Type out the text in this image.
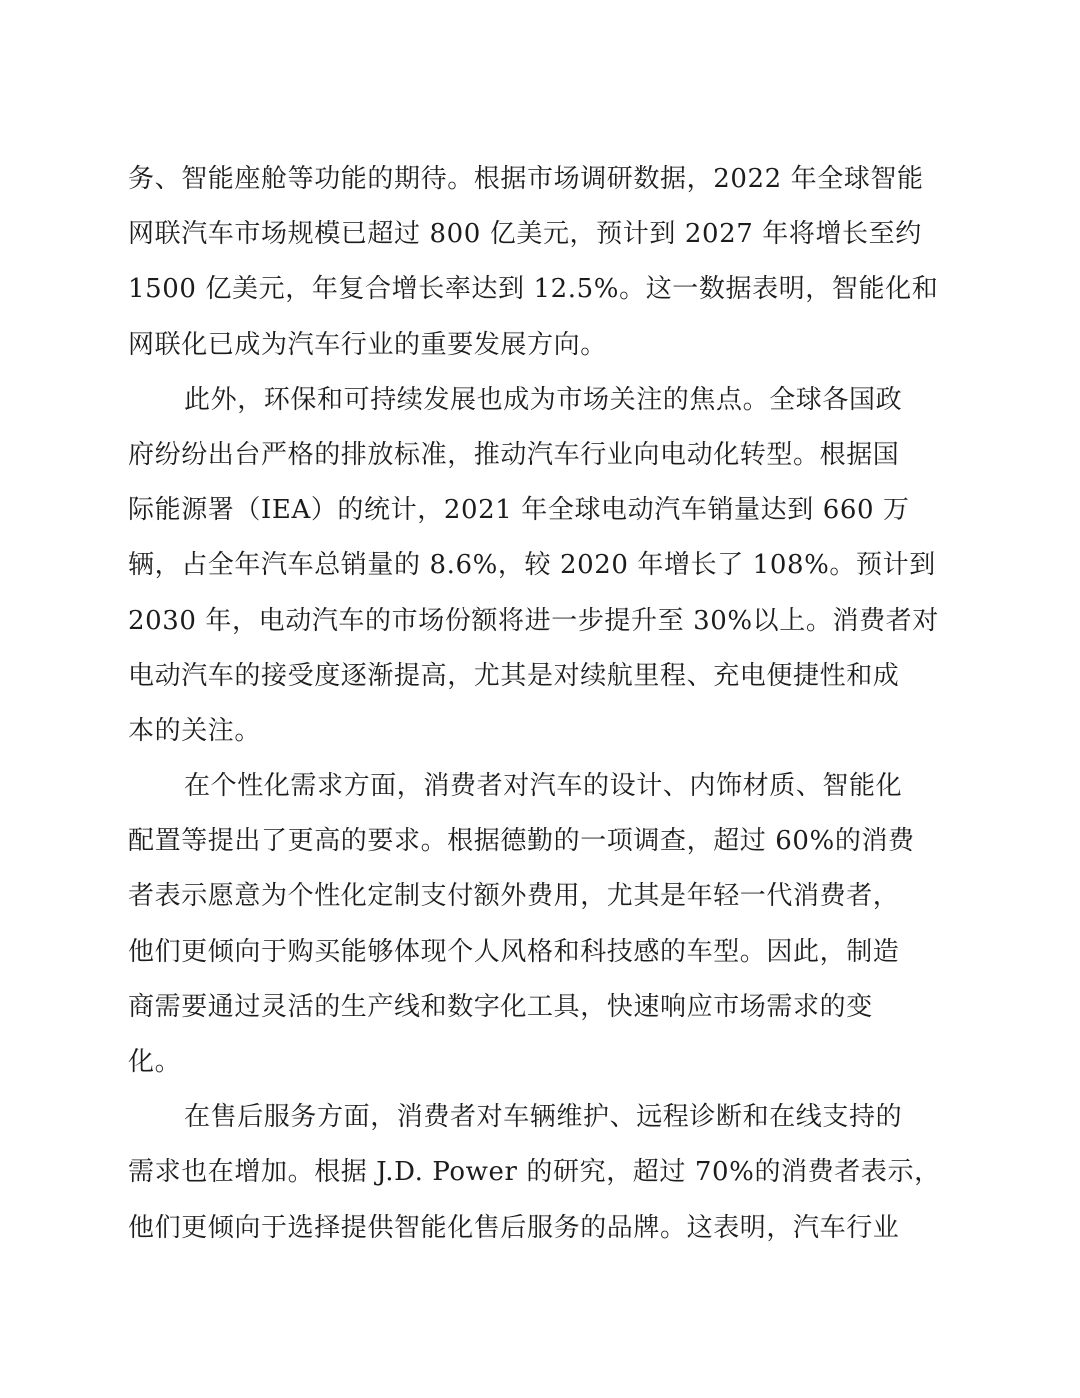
务、智能座舱等功能的期待。根据市场调研数据，2022 年全球智能
网联汽车市场规模已超过 800 亿美元，预计到 2027 年将增长至约
1500 亿美元，年复合增长率达到 12.5%。这一数据表明，智能化和
网联化已成为汽车行业的重要发展方向。
此外，环保和可持续发展也成为市场关注的焦点。全球各国政
府纷纷出台严格的排放标准，推动汽车行业向电动化转型。根据国
际能源署（IEA）的统计，2021 年全球电动汽车销量达到 660 万
辆，占全年汽车总销量的 8.6%，较 2020 年增长了 108%。预计到
2030 年，电动汽车的市场份额将进一步提升至 30%以上。消费者对
电动汽车的接受度逐渐提高，尤其是对续航里程、充电便捷性和成
本的关注。
在个性化需求方面，消费者对汽车的设计、内饰材质、智能化
配置等提出了更高的要求。根据德勤的一项调查，超过 60%的消费
者表示愿意为个性化定制支付额外费用，尤其是年轻一代消费者，
他们更倾向于购买能够体现个人风格和科技感的车型。因此，制造
商需要通过灵活的生产线和数字化工具，快速响应市场需求的变
化。
在售后服务方面，消费者对车辆维护、远程诊断和在线支持的
需求也在增加。根据 J.D. Power 的研究，超过 70%的消费者表示，
他们更倾向于选择提供智能化售后服务的品牌。这表明，汽车行业
